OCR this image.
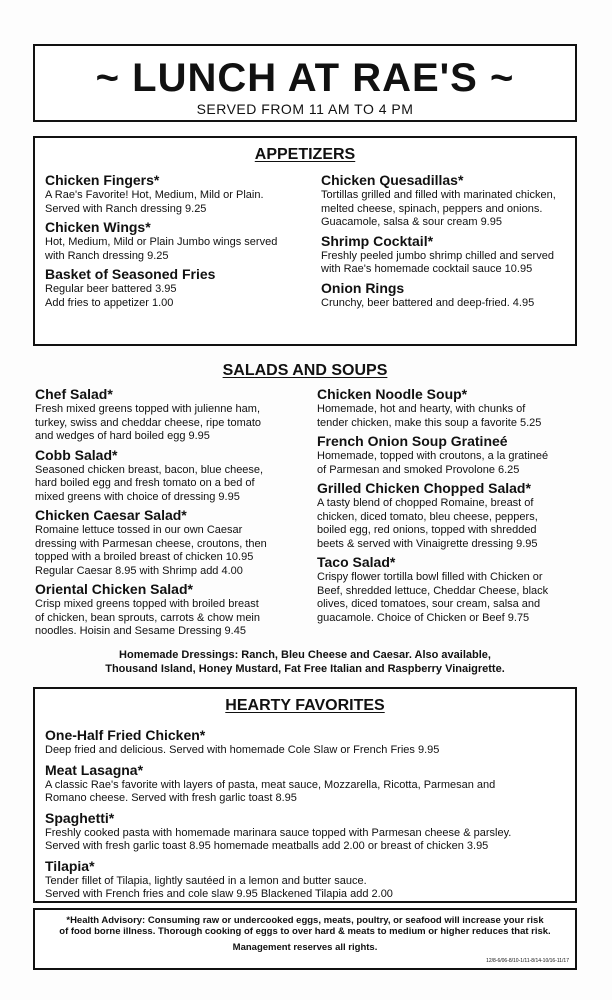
~ LUNCH AT RAE'S ~
SERVED FROM 11 AM TO 4 PM
APPETIZERS
Chicken Fingers*
A Rae's Favorite! Hot, Medium, Mild or Plain.
Served with Ranch dressing 9.25
Chicken Wings*
Hot, Medium, Mild or Plain Jumbo wings served
with Ranch dressing 9.25
Basket of Seasoned Fries
Regular beer battered 3.95
Add fries to appetizer 1.00
Chicken Quesadillas*
Tortillas grilled and filled with marinated chicken,
melted cheese, spinach, peppers and onions.
Guacamole, salsa & sour cream 9.95
Shrimp Cocktail*
Freshly peeled jumbo shrimp chilled and served
with Rae's homemade cocktail sauce 10.95
Onion Rings
Crunchy, beer battered and deep-fried. 4.95
SALADS AND SOUPS
Chef Salad*
Fresh mixed greens topped with julienne ham,
turkey, swiss and cheddar cheese, ripe tomato
and wedges of hard boiled egg 9.95
Cobb Salad*
Seasoned chicken breast, bacon, blue cheese,
hard boiled egg and fresh tomato on a bed of
mixed greens with choice of dressing 9.95
Chicken Caesar Salad*
Romaine lettuce tossed in our own Caesar
dressing with Parmesan cheese, croutons, then
topped with a broiled breast of chicken 10.95
Regular Caesar 8.95 with Shrimp add 4.00
Oriental Chicken Salad*
Crisp mixed greens topped with broiled breast
of chicken, bean sprouts, carrots & chow mein
noodles. Hoisin and Sesame Dressing 9.45
Chicken Noodle Soup*
Homemade, hot and hearty, with chunks of
tender chicken, make this soup a favorite 5.25
French Onion Soup Gratineé
Homemade, topped with croutons, a la gratineé
of Parmesan and smoked Provolone 6.25
Grilled Chicken Chopped Salad*
A tasty blend of chopped Romaine, breast of
chicken, diced tomato, bleu cheese, peppers,
boiled egg, red onions, topped with shredded
beets & served with Vinaigrette dressing 9.95
Taco Salad*
Crispy flower tortilla bowl filled with Chicken or
Beef, shredded lettuce, Cheddar Cheese, black
olives, diced tomatoes, sour cream, salsa and
guacamole. Choice of Chicken or Beef 9.75
Homemade Dressings: Ranch, Bleu Cheese and Caesar. Also available,
Thousand Island, Honey Mustard, Fat Free Italian and Raspberry Vinaigrette.
HEARTY FAVORITES
One-Half Fried Chicken*
Deep fried and delicious. Served with homemade Cole Slaw or French Fries 9.95
Meat Lasagna*
A classic Rae's favorite with layers of pasta, meat sauce, Mozzarella, Ricotta, Parmesan and
Romano cheese. Served with fresh garlic toast 8.95
Spaghetti*
Freshly cooked pasta with homemade marinara sauce topped with Parmesan cheese & parsley.
Served with fresh garlic toast 8.95 homemade meatballs add 2.00 or breast of chicken 3.95
Tilapia*
Tender fillet of Tilapia, lightly sautéed in a lemon and butter sauce.
Served with French fries and cole slaw 9.95 Blackened Tilapia add 2.00
*Health Advisory: Consuming raw or undercooked eggs, meats, poultry, or seafood will increase your risk
of food borne illness. Thorough cooking of eggs to over hard & meats to medium or higher reduces that risk.
Management reserves all rights.
12/8-6/06-8/10-1/11-8/14-10/16-11/17
